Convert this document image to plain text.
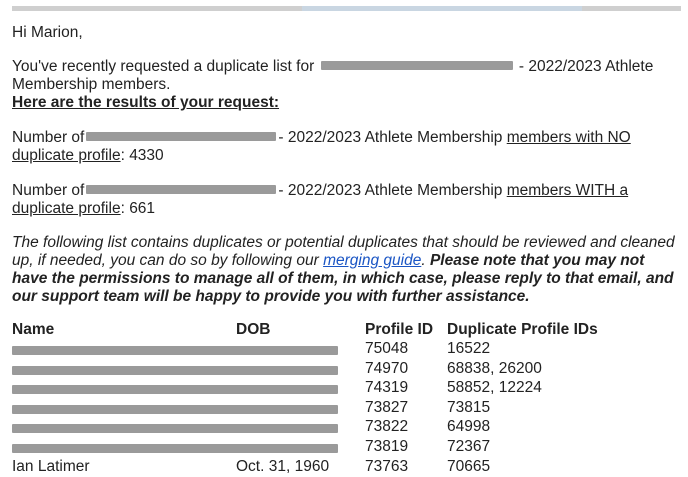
Hi Marion,

You've recently requested a duplicate list for	- 2022/2023 Athlete Membership members.

Here are the results of your request:

Number of	- 2022/2023 Athlete Membership members with NO duplicate profile: 4330

Number of	- 2022/2023 Athlete Membership members WITH a duplicate profile: 661

The following list contains duplicates or potential duplicates that should be reviewed and cleaned up, if needed, you can do so by following our merging guide. Please note that you may not have the permissions to manage all of them, in which case, please reply to that email, and our support team will be happy to provide you with further assistance.

Name	DOB	Profile ID	Duplicate Profile IDs

		75048	16522

		74970	68838, 26200

		74319	58852, 12224

		73827	73815

		73822	64998

		73819	72367
Ian Latimer	Oct. 31, 1960	73763	70665
